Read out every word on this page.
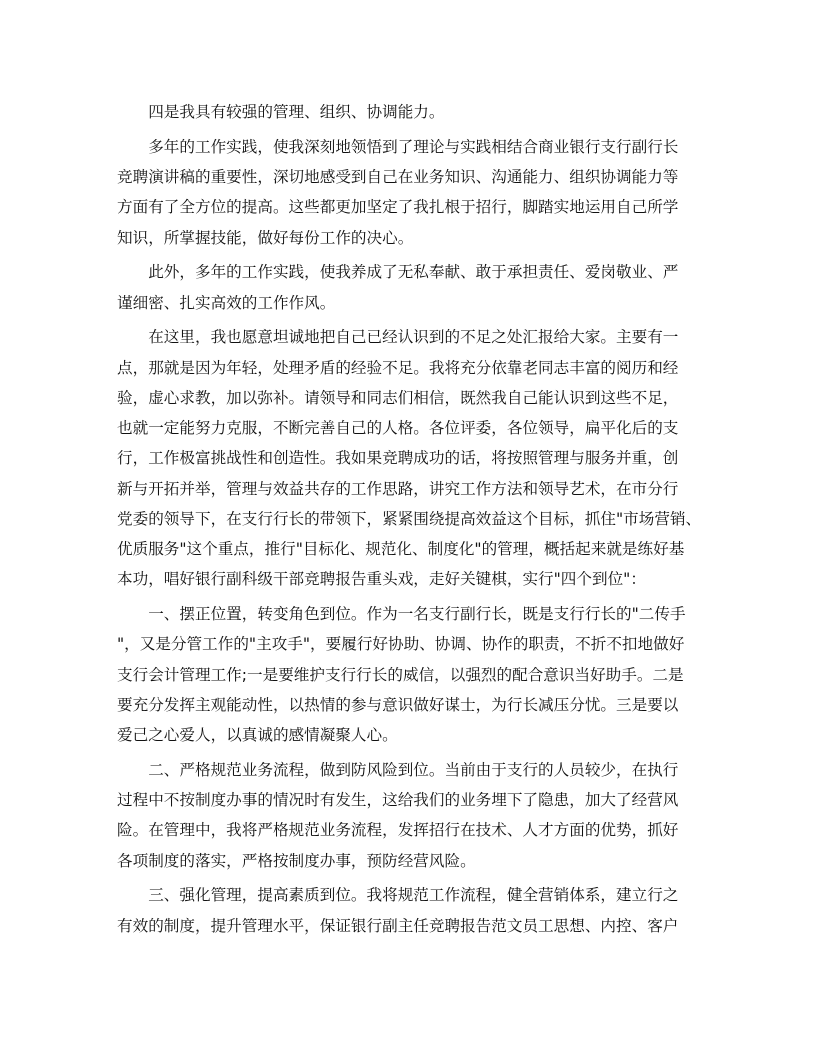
　　四是我具有较强的管理、组织、协调能力。
　　多年的工作实践，使我深刻地领悟到了理论与实践相结合商业银行支行副行长
竞聘演讲稿的重要性，深切地感受到自己在业务知识、沟通能力、组织协调能力等
方面有了全方位的提高。这些都更加坚定了我扎根于招行，脚踏实地运用自己所学
知识，所掌握技能，做好每份工作的决心。
　　此外，多年的工作实践，使我养成了无私奉献、敢于承担责任、爱岗敬业、严
谨细密、扎实高效的工作作风。
　　在这里，我也愿意坦诚地把自己已经认识到的不足之处汇报给大家。主要有一
点，那就是因为年轻，处理矛盾的经验不足。我将充分依靠老同志丰富的阅历和经
验，虚心求教，加以弥补。请领导和同志们相信，既然我自己能认识到这些不足，
也就一定能努力克服，不断完善自己的人格。各位评委，各位领导，扁平化后的支
行，工作极富挑战性和创造性。我如果竞聘成功的话，将按照管理与服务并重，创
新与开拓并举，管理与效益共存的工作思路，讲究工作方法和领导艺术，在市分行
党委的领导下，在支行行长的带领下，紧紧围绕提高效益这个目标，抓住"市场营销、
优质服务"这个重点，推行"目标化、规范化、制度化"的管理，概括起来就是练好基
本功，唱好银行副科级干部竞聘报告重头戏，走好关键棋，实行"四个到位"：
　　一、摆正位置，转变角色到位。作为一名支行副行长，既是支行行长的"二传手
"，又是分管工作的"主攻手"，要履行好协助、协调、协作的职责，不折不扣地做好
支行会计管理工作;一是要维护支行行长的威信，以强烈的配合意识当好助手。二是
要充分发挥主观能动性，以热情的参与意识做好谋士，为行长减压分忧。三是要以
爱己之心爱人，以真诚的感情凝聚人心。
　　二、严格规范业务流程，做到防风险到位。当前由于支行的人员较少，在执行
过程中不按制度办事的情况时有发生，这给我们的业务埋下了隐患，加大了经营风
险。在管理中，我将严格规范业务流程，发挥招行在技术、人才方面的优势，抓好
各项制度的落实，严格按制度办事，预防经营风险。
　　三、强化管理，提高素质到位。我将规范工作流程，健全营销体系，建立行之
有效的制度，提升管理水平，保证银行副主任竞聘报告范文员工思想、内控、客户
